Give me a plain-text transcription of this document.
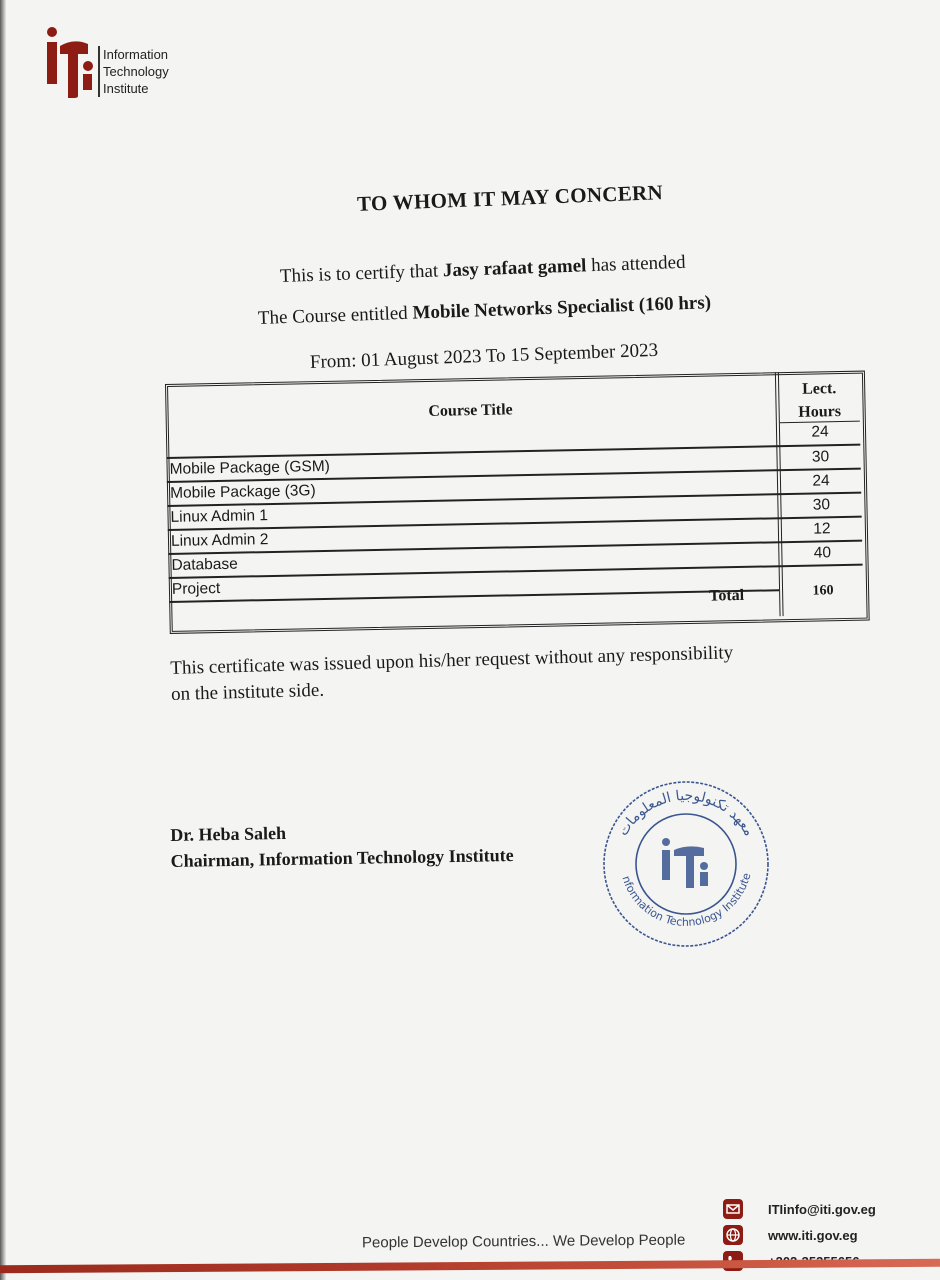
Information
Technology
Institute
TO WHOM IT MAY CONCERN
This is to certify that Jasy rafaat gamel has attended
The Course entitled Mobile Networks Specialist (160 hrs)
From: 01 August 2023 To 15 September 2023
Course Title
Lect.
Hours
24
Mobile Package (GSM)
30
Mobile Package (3G)
24
Linux Admin 1
30
Linux Admin 2
12
Database
40
Project	Total	160
This certificate was issued upon his/her request without any responsibility
on the institute side.
Dr. Heba Saleh
Chairman, Information Technology Institute
معهد تكنولوجيا المعلومات
nformation Technology Institute
People Develop Countries... We Develop People
ITIinfo@iti.gov.eg
www.iti.gov.eg
